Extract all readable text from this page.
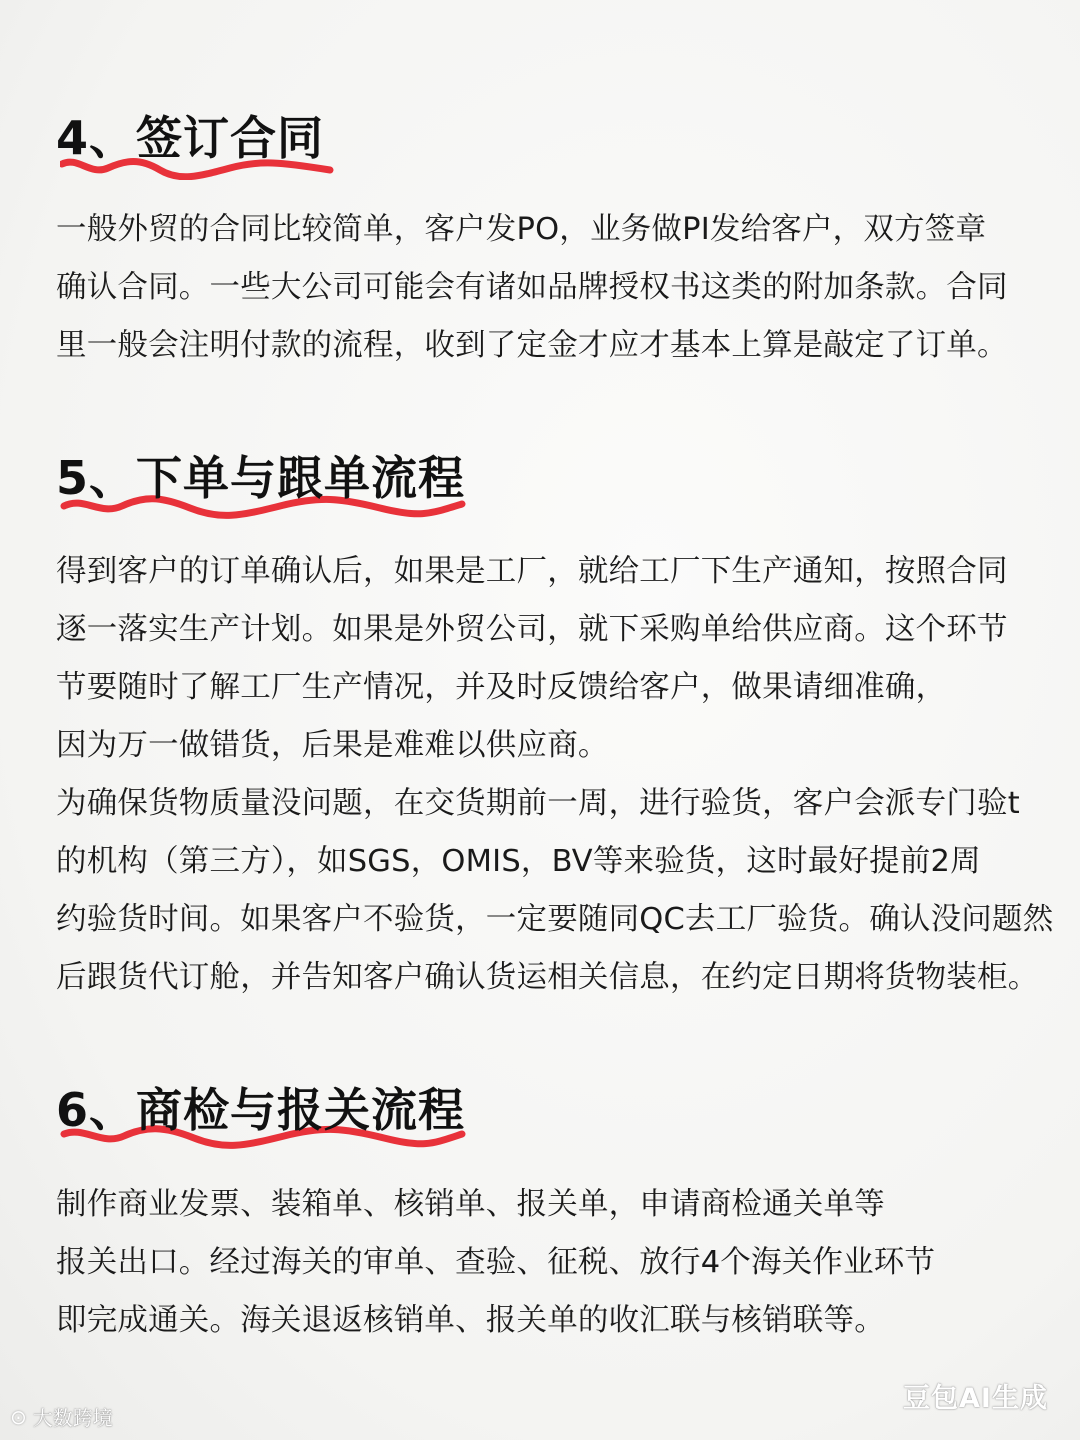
4、签订合同
一般外贸的合同比较简单，客户发PO，业务做PI发给客户，双方签章
确认合同。一些大公司可能会有诸如品牌授权书这类的附加条款。合同
里一般会注明付款的流程，收到了定金才应才基本上算是敲定了订单。
5、下单与跟单流程
得到客户的订单确认后，如果是工厂，就给工厂下生产通知，按照合同
逐一落实生产计划。如果是外贸公司，就下采购单给供应商。这个环节
节要随时了解工厂生产情况，并及时反馈给客户，做果请细准确，
因为万一做错货，后果是难难以供应商。
为确保货物质量没问题，在交货期前一周，进行验货，客户会派专门验t
的机构（第三方），如SGS，OMIS，BV等来验货，这时最好提前2周
约验货时间。如果客户不验货，一定要随同QC去工厂验货。确认没问题然
后跟货代订舱，并告知客户确认货运相关信息，在约定日期将货物装柜。
6、商检与报关流程
制作商业发票、装箱单、核销单、报关单，申请商检通关单等
报关出口。经过海关的审单、查验、征税、放行4个海关作业环节
即完成通关。海关退返核销单、报关单的收汇联与核销联等。
⊙ 大数跨境
豆包AI生成
